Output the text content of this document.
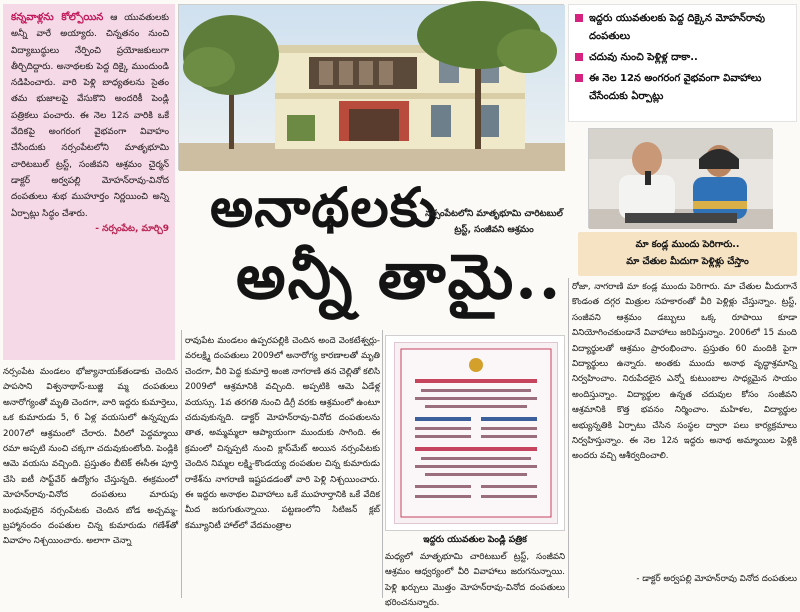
కన్నవాళ్లను కోల్పోయిన ఆ యువతులకు అన్నీ వారే అయ్యారు. చిన్నతనం నుంచి విద్యాబుద్ధులు నేర్పించి ప్రయోజకులుగా తీర్చిదిద్దారు. అనాథలకు పెద్ద దిక్కై ముందుండి నడిపించారు. వారి పెళ్లి బాధ్యతలను సైతం తమ భుజాలపై వేసుకొని అందరికీ పెండ్లి పత్రికలు పంచారు. ఈ నెల 12న వారికి ఒకే వేదికపై అంగరంగ వైభవంగా వివాహం చేసేందుకు నర్సంపేటలోని మాతృభూమి చారిటబుల్ ట్రస్ట్, సంజీవని ఆశ్రమం చైర్మన్ డాక్టర్ అర్వపల్లి మోహన్‌రావు-వినోద దంపతులు శుభ ముహూర్తం నిర్ణయించి అన్ని ఏర్పాట్లు సిద్ధం చేశారు.

- నర్సంపేట, మార్చి9 అనాథలకు
నర్సంపేటలోని మాతృభూమి చారిటబుల్ ట్రస్ట్, సంజీవని ఆశ్రమం
అన్నీ తామై..
ఇద్దరు యువతులకు పెద్ద దిక్కైన మోహన్‌రావు దంపతులు
చదువు నుంచి పెళ్లిళ్ల దాకా..
ఈ నెల 12న అంగరంగ వైభవంగా వివాహాలు చేసేందుకు ఏర్పాట్లు
మా కండ్ల ముందు పెరిగారు..
మా చేతుల మీదుగా పెళ్లిళ్లు చేస్తాం

నర్సంపేట మండలం భోజ్యానాయక్‌తండాకు చెందిన పాపసాని విశ్వనాథాస్-బుజ్జి మ్మ దంపతులు అనారోగ్యంతో మృతి చెందగా, వారి ఇద్దరు కుమార్తెలు, ఒక కుమారుడు 5, 6 ఏళ్ల వయసులో ఉన్నప్పుడు 2007లో ఆశ్రమంలో చేరారు. వీరిలో పెద్దమ్మాయి రమా అప్పటి నుంచి చక్కగా చదువుకుంటోంది. పెండ్లికి ఆమె వయసు వచ్చింది. ప్రస్తుతం బీటెక్ ఈసీఈ పూర్తి చేసి ఐటీ సాఫ్ట్‌వేర్ ఉద్యోగం చేస్తున్నది. ఈక్రమంలో మోహన్‌రావు-వినోద దంపతులు మారుపు బంధువులైన నర్సంపేటకు చెందిన బోడ అచ్చమ్మ-బ్రహ్మానందం దంపతుల చిన్న కుమారుడు గణేశ్‌తో వివాహం నిశ్చయించారు. అలాగా చెన్నా

రావుపేట మండలం ఉప్పరపల్లికి చెందిన అందె వెంకటేశ్వర్లు-వరలక్ష్మి దంపతులు 2009లో అనారోగ్య కారణాలతో మృతి చెందగా, వీరి పెద్ద కుమార్తె అంజి నాగరాణి తన చెల్లితో కలిసి 2009లో ఆశ్రమానికి వచ్చింది. అప్పటికి ఆమె ఏడేళ్ల వయస్సు. 1వ తరగతి నుంచి డిగ్రీ వరకు ఆశ్రమంలో ఉంటూ చదువుకున్నది. డాక్టర్ మోహన్‌రావు-వినోద దంపతులను తాత, అమ్మమ్మలా ఆప్యాయంగా ముందుకు సాగింది. ఈ క్రమంలో చిన్నప్పటి నుంచి క్లాస్‌మేట్ అయిన నర్సంపేటకు చెందిన నిమ్మల లక్ష్మి-కొండయ్య దంపతుల చిన్న కుమారుడు రాకేశ్‌ను నాగరాణి ఇష్టపడడంతో వారి పెళ్లి నిశ్చయించారు. ఈ ఇద్దరు అనాథల వివాహాలు ఒకే ముహూర్తానికి ఒకే వేదిక మీద జరుగుతున్నాయి. పట్టణంలోని సిటిజన్ క్లబ్ కమ్యూనిటీ హాల్‌లో వేదమంత్రాల

ఇద్దరు యువతుల పెండ్లి పత్రిక

మధ్యలో మాతృభూమి చారిటబుల్ ట్రస్ట్, సంజీవని ఆశ్రమం ఆధ్వర్యంలో వీరి వివాహాలు జరుగనున్నాయి. పెళ్లి ఖర్చులు మొత్తం మోహన్‌రావు-వినోద దంపతులు భరించనున్నారు.

రోజా, నాగరాణి మా కండ్ల ముందు పెరిగారు. మా చేతుల మీదుగానే కొండంత దగ్గర మిత్రుల సహకారంతో వీరి పెళ్లిళ్లు చేస్తున్నాం. ట్రస్ట్, సంజీవని ఆశ్రమం డబ్బులు ఒక్క రూపాయి కూడా వినియోగించకుండానే వివాహాలు జరిపిస్తున్నాం. 2006లో 15 మంది విద్యార్థులతో ఆశ్రమం ప్రారంభించాం. ప్రస్తుతం 60 మందికి పైగా విద్యార్థులు ఉన్నారు. అంతకు ముందు అనాథ వృద్ధాశ్రమాన్ని నిర్వహించాం. నిరుపేదలైన ఎన్నో కుటుంబాల సాధ్యమైన సాయం అందిస్తున్నాం. విద్యార్థుల ఉన్నత చదువుల కోసం సంజీవని ఆశ్రమానికి కొత్త భవనం నిర్మించాం. మహిళల, విద్యార్థుల అభ్యున్నతికి ఏర్పాటు చేసిన సంస్థల ద్వారా పలు కార్యక్రమాలు నిర్వహిస్తున్నాం. ఈ నెల 12న ఇద్దరు అనాథ అమ్మాయిల పెళ్లికి అందరు వచ్చి ఆశీర్వదించాలి.

- డాక్టర్ అర్వపల్లి మోహన్‌రావు వినోద దంపతులు
